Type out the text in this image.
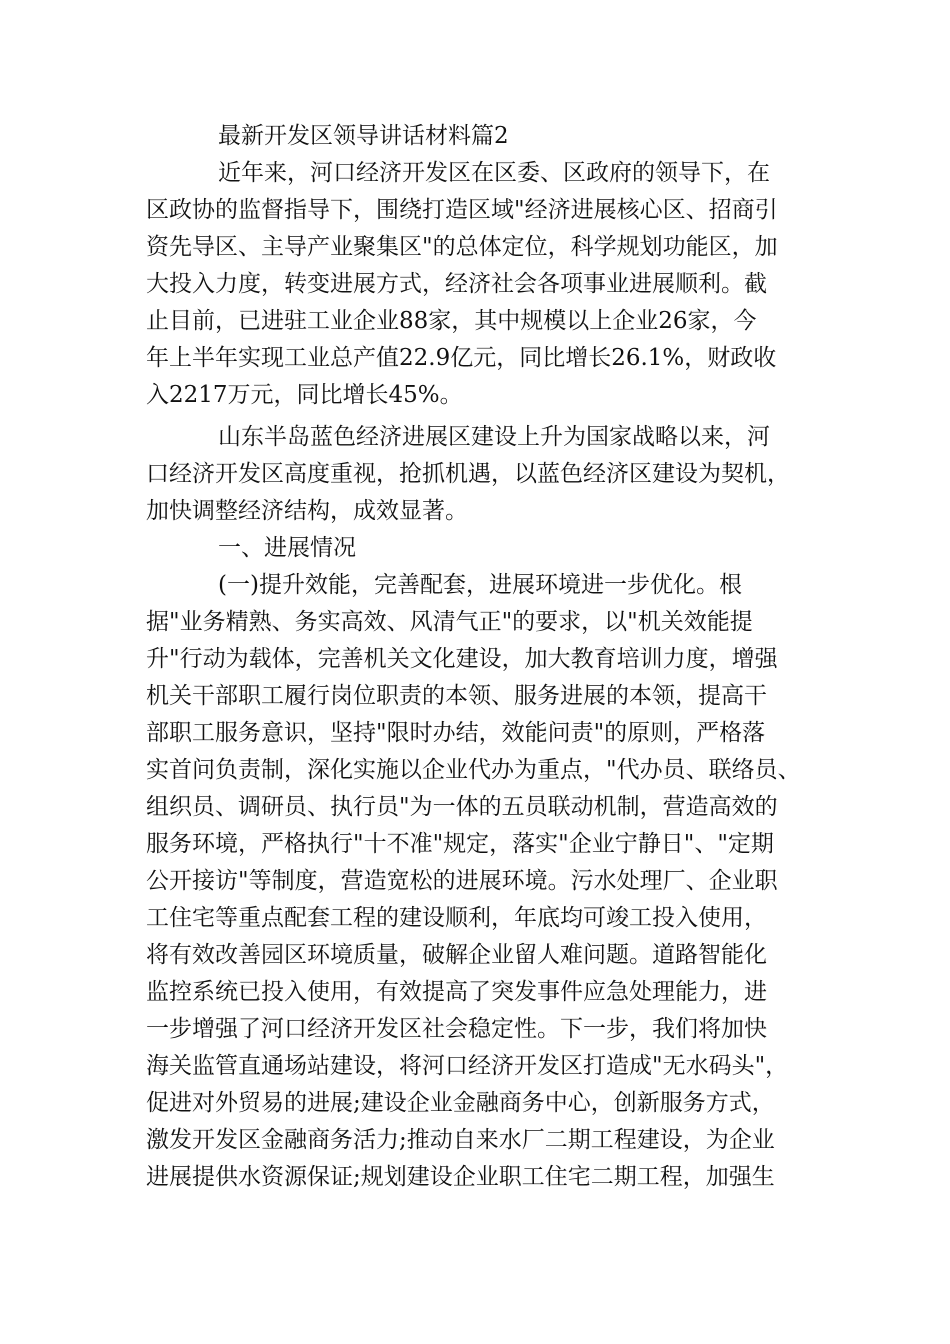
最新开发区领导讲话材料篇2
近年来，河口经济开发区在区委、区政府的领导下，在
区政协的监督指导下，围绕打造区域"经济进展核心区、招商引
资先导区、主导产业聚集区"的总体定位，科学规划功能区，加
大投入力度，转变进展方式，经济社会各项事业进展顺利。截
止目前，已进驻工业企业88家，其中规模以上企业26家，今
年上半年实现工业总产值22.9亿元，同比增长26.1%，财政收
入2217万元，同比增长45%。
山东半岛蓝色经济进展区建设上升为国家战略以来，河
口经济开发区高度重视，抢抓机遇，以蓝色经济区建设为契机，
加快调整经济结构，成效显著。
一、进展情况
(一)提升效能，完善配套，进展环境进一步优化。根
据"业务精熟、务实高效、风清气正"的要求，以"机关效能提
升"行动为载体，完善机关文化建设，加大教育培训力度，增强
机关干部职工履行岗位职责的本领、服务进展的本领，提高干
部职工服务意识，坚持"限时办结，效能问责"的原则，严格落
实首问负责制，深化实施以企业代办为重点，"代办员、联络员、
组织员、调研员、执行员"为一体的五员联动机制，营造高效的
服务环境，严格执行"十不准"规定，落实"企业宁静日"、"定期
公开接访"等制度，营造宽松的进展环境。污水处理厂、企业职
工住宅等重点配套工程的建设顺利，年底均可竣工投入使用，
将有效改善园区环境质量，破解企业留人难问题。道路智能化
监控系统已投入使用，有效提高了突发事件应急处理能力，进
一步增强了河口经济开发区社会稳定性。下一步，我们将加快
海关监管直通场站建设，将河口经济开发区打造成"无水码头"，
促进对外贸易的进展;建设企业金融商务中心，创新服务方式，
激发开发区金融商务活力;推动自来水厂二期工程建设，为企业
进展提供水资源保证;规划建设企业职工住宅二期工程，加强生
